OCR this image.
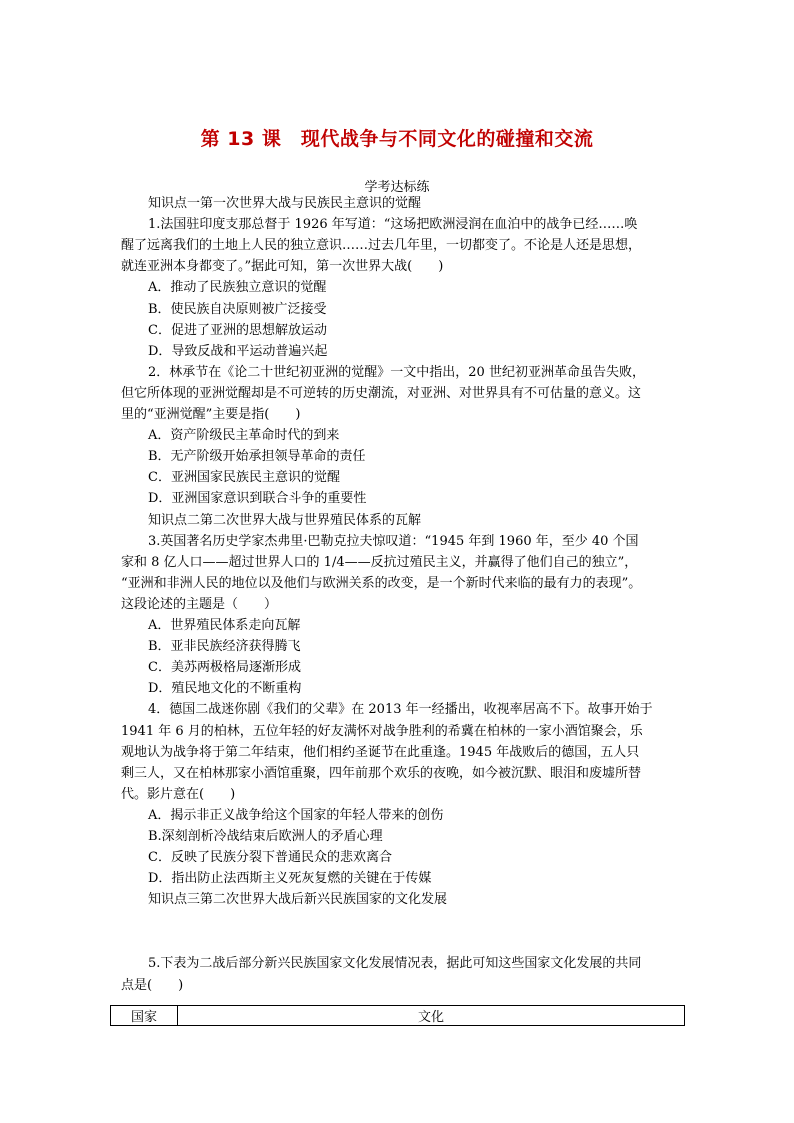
第 13 课　现代战争与不同文化的碰撞和交流
学考达标练
知识点一第一次世界大战与民族民主意识的觉醒
1.法国驻印度支那总督于 1926 年写道：“这场把欧洲浸润在血泊中的战争已经……唤
醒了远离我们的土地上人民的独立意识……过去几年里，一切都变了。不论是人还是思想，
就连亚洲本身都变了。”据此可知，第一次世界大战(　　)
A．推动了民族独立意识的觉醒
B．使民族自决原则被广泛接受
C．促进了亚洲的思想解放运动
D．导致反战和平运动普遍兴起
2．林承节在《论二十世纪初亚洲的觉醒》一文中指出，20 世纪初亚洲革命虽告失败，
但它所体现的亚洲觉醒却是不可逆转的历史潮流，对亚洲、对世界具有不可估量的意义。这
里的“亚洲觉醒”主要是指(　　)
A．资产阶级民主革命时代的到来
B．无产阶级开始承担领导革命的责任
C．亚洲国家民族民主意识的觉醒
D．亚洲国家意识到联合斗争的重要性
知识点二第二次世界大战与世界殖民体系的瓦解
3.英国著名历史学家杰弗里·巴勒克拉夫惊叹道：“1945 年到 1960 年，至少 40 个国
家和 8 亿人口——超过世界人口的 1/4——反抗过殖民主义，并赢得了他们自己的独立”，
“亚洲和非洲人民的地位以及他们与欧洲关系的改变，是一个新时代来临的最有力的表现”。
这段论述的主题是（　　）
A．世界殖民体系走向瓦解
B．亚非民族经济获得腾飞
C．美苏两极格局逐渐形成
D．殖民地文化的不断重构
4．德国二战迷你剧《我们的父辈》在 2013 年一经播出，收视率居高不下。故事开始于
1941 年 6 月的柏林，五位年轻的好友满怀对战争胜利的希冀在柏林的一家小酒馆聚会，乐
观地认为战争将于第二年结束，他们相约圣诞节在此重逢。1945 年战败后的德国，五人只
剩三人，又在柏林那家小酒馆重聚，四年前那个欢乐的夜晚，如今被沉默、眼泪和废墟所替
代。影片意在(　　)
A．揭示非正义战争给这个国家的年轻人带来的创伤
B.深刻剖析冷战结束后欧洲人的矛盾心理
C．反映了民族分裂下普通民众的悲欢离合
D．指出防止法西斯主义死灰复燃的关键在于传媒
知识点三第二次世界大战后新兴民族国家的文化发展
5.下表为二战后部分新兴民族国家文化发展情况表，据此可知这些国家文化发展的共同
点是(　　)
国家	文化
